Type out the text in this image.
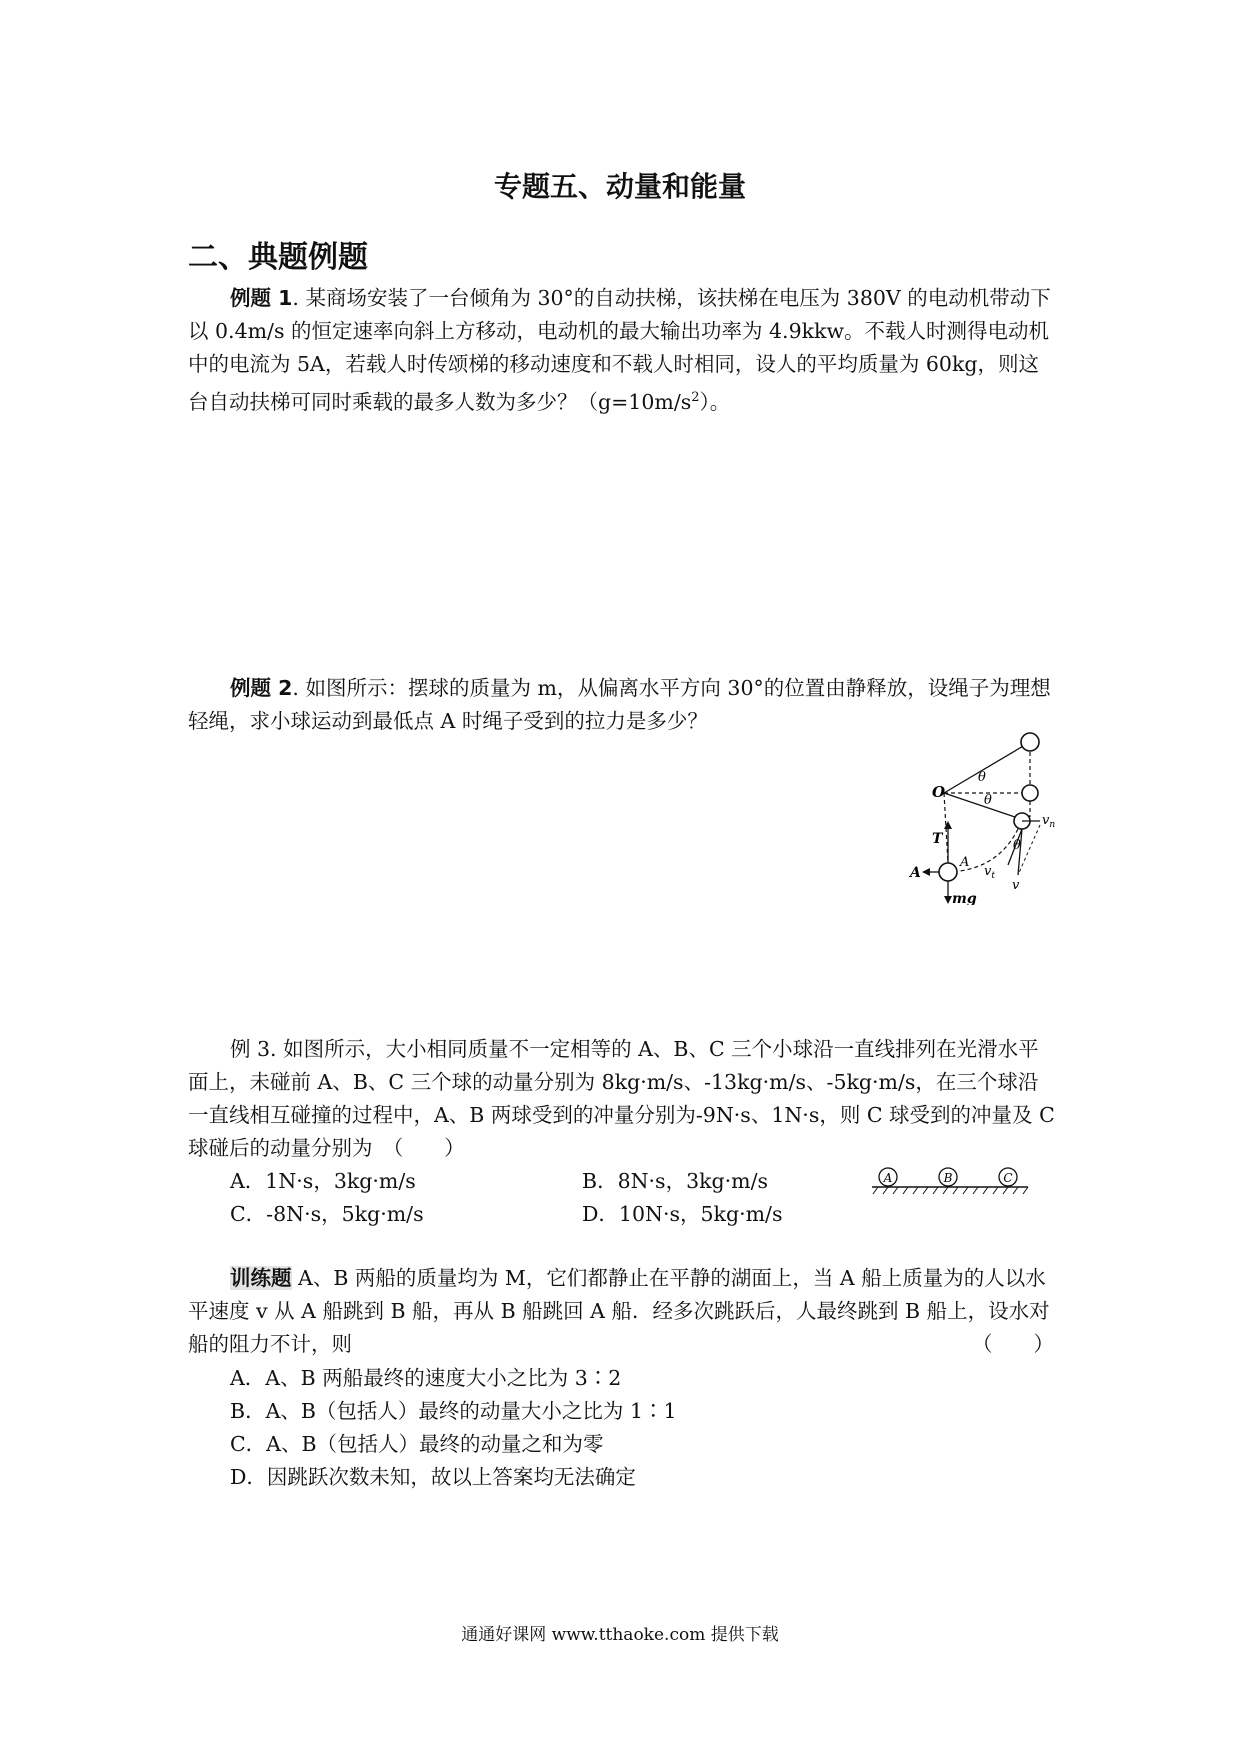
专题五、动量和能量
二、典题例题

例题 1. 某商场安装了一台倾角为 30°的自动扶梯，该扶梯在电压为 380V 的电动机带动下以 0.4m/s 的恒定速率向斜上方移动，电动机的最大输出功率为 4.9kkw。不载人时测得电动机中的电流为 5A，若载人时传颂梯的移动速度和不载人时相同，设人的平均质量为 60kg，则这台自动扶梯可同时乘载的最多人数为多少？$(g=10m/s^2)$。

例题 2. 如图所示：摆球的质量为 m，从偏离水平方向 30°的位置由静释放，设绳子为理想轻绳，求小球运动到最低点 A 时绳子受到的拉力是多少？

O
θ
θ
θ
T
A
A
mg
$v_n$
$v_t$
v

例 3. 如图所示，大小相同质量不一定相等的 A、B、C 三个小球沿一直线排列在光滑水平面上，未碰前 A、B、C 三个球的动量分别为 8kg·m/s、-13kg·m/s、-5kg·m/s，在三个球沿一直线相互碰撞的过程中，A、B 两球受到的冲量分别为-9N·s、1N·s，则 C 球受到的冲量及 C 球碰后的动量分别为　（　　）

A．1N·s，3kg·m/s	B．8N·s，3kg·m/s
C．-8N·s，5kg·m/s	D．10N·s，5kg·m/s
A	B	C

训练题 A、B 两船的质量均为 M，它们都静止在平静的湖面上，当 A 船上质量为的人以水平速度 v 从 A 船跳到 B 船，再从 B 船跳回 A 船．经多次跳跃后，人最终跳到 B 船上，设水对船的阻力不计，则	（　　）
A．A、B 两船最终的速度大小之比为 3∶2
B．A、B（包括人）最终的动量大小之比为 1∶1
C．A、B（包括人）最终的动量之和为零
D．因跳跃次数未知，故以上答案均无法确定
通通好课网 www.tthaoke.com 提供下载
